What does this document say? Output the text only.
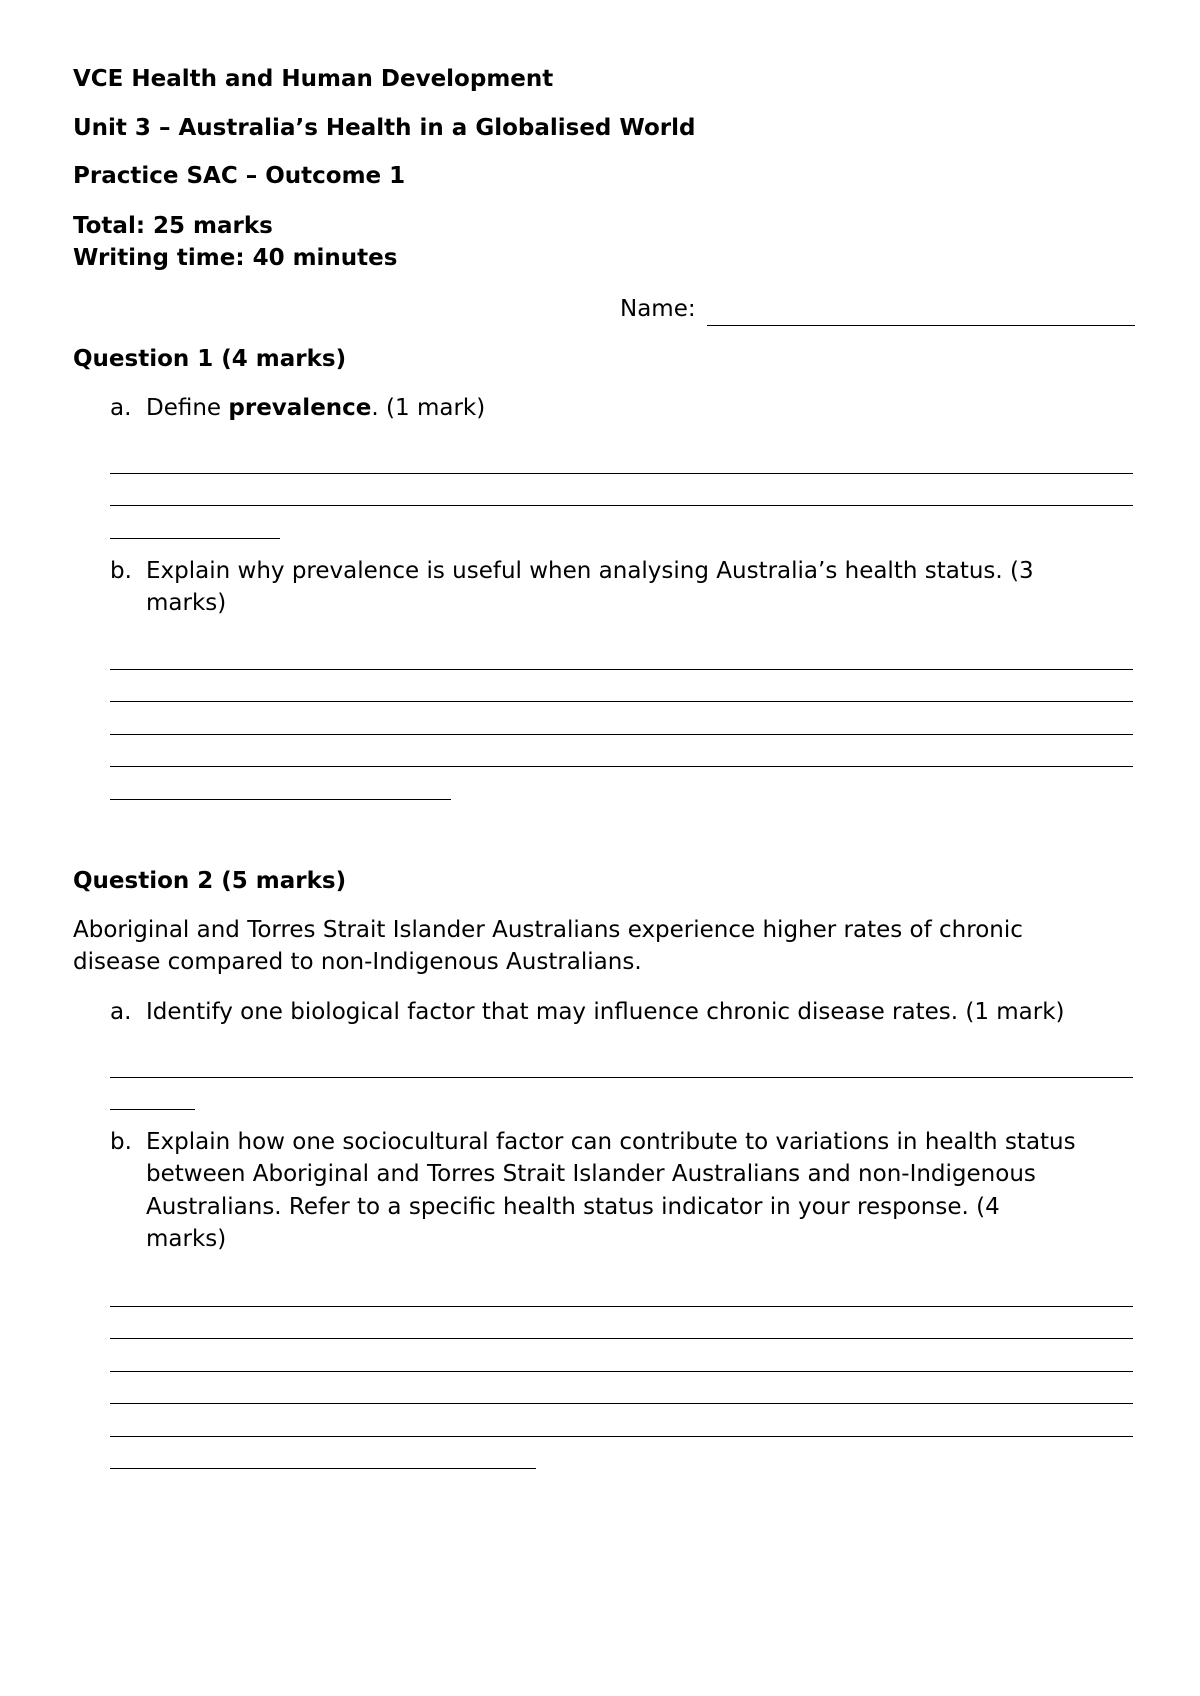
VCE Health and Human Development
Unit 3 – Australia’s Health in a Globalised World
Practice SAC – Outcome 1
Total: 25 marks
Writing time: 40 minutes
Name:
Question 1 (4 marks)
a. Define prevalence. (1 mark)
b. Explain why prevalence is useful when analysing Australia’s health status. (3
marks)
Question 2 (5 marks)
Aboriginal and Torres Strait Islander Australians experience higher rates of chronic
disease compared to non-Indigenous Australians.
a. Identify one biological factor that may influence chronic disease rates. (1 mark)
b. Explain how one sociocultural factor can contribute to variations in health status
between Aboriginal and Torres Strait Islander Australians and non-Indigenous
Australians. Refer to a specific health status indicator in your response. (4
marks)
